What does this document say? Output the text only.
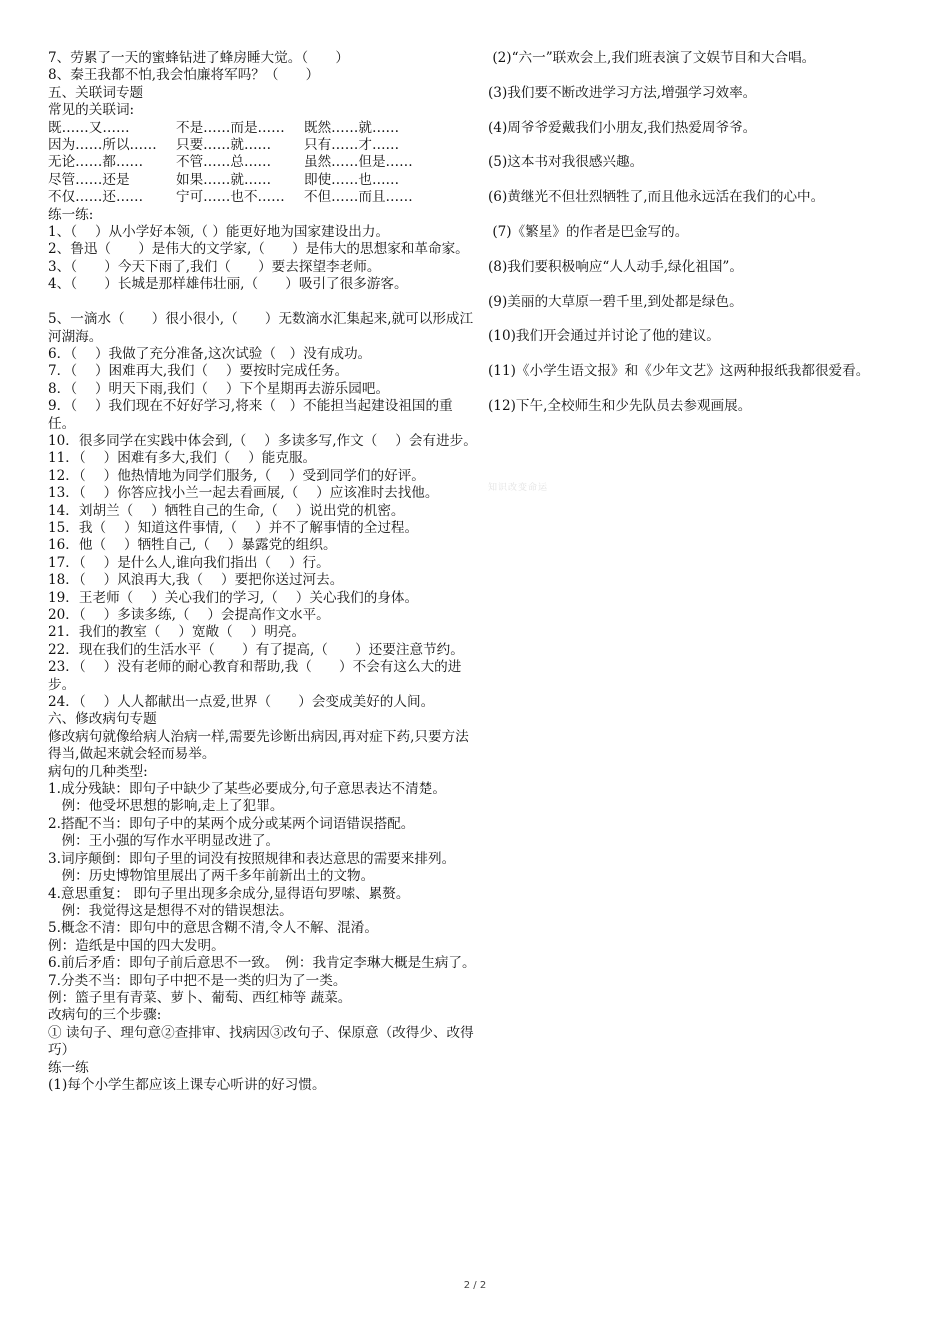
7、劳累了一天的蜜蜂钻进了蜂房睡大觉。（　　）
8、秦王我都不怕,我会怕廉将军吗？（　　）
五、关联词专题
常见的关联词:
既……又……	不是……而是……	既然……就……
因为……所以……	只要……就……	只有……才……
无论……都……	不管……总……	虽然……但是……
尽管……还是	如果……就……	即使……也……
不仅……还……	宁可……也不……	不但……而且……
练一练:
1、（　 ）从小学好本领,（ ）能更好地为国家建设出力。
2、鲁迅（　　）是伟大的文学家,（　　）是伟大的思想家和革命家。
3、（　　）今天下雨了,我们（　　）要去探望李老师。
4、（　　）长城是那样雄伟壮丽,（　　）吸引了很多游客。

5、一滴水（　　）很小很小,（　　）无数滴水汇集起来,就可以形成江河湖海。
6．（　 ）我做了充分准备,这次试验（　）没有成功。
7．（　 ）困难再大,我们（　 ）要按时完成任务。
8．（　 ）明天下雨,我们（　 ）下个星期再去游乐园吧。
9．（　 ）我们现在不好好学习,将来（　）不能担当起建设祖国的重任。
10．很多同学在实践中体会到,（　 ）多读多写,作文（　 ）会有进步。
11．（　 ）困难有多大,我们（　 ）能克服。
12．（　 ）他热情地为同学们服务,（　 ）受到同学们的好评。
13．（　 ）你答应找小兰一起去看画展,（　 ）应该准时去找他。
14．刘胡兰（　 ）牺牲自己的生命,（　 ）说出党的机密。
15．我（　 ）知道这件事情,（　 ）并不了解事情的全过程。
16．他（　 ）牺牲自己,（　 ）暴露党的组织。
17．（　 ）是什么人,谁向我们指出（　 ）行。
18．（　 ）风浪再大,我（　 ）要把你送过河去。
19．王老师（　 ）关心我们的学习,（　 ）关心我们的身体。
20．（　 ）多读多练,（　 ）会提高作文水平。
21．我们的教室（　 ）宽敞（　 ）明亮。
22．现在我们的生活水平（　　）有了提高,（　　）还要注意节约。
23．（　 ）没有老师的耐心教育和帮助,我（　　）不会有这么大的进步。
24．（　 ）人人都献出一点爱,世界（　　）会变成美好的人间。
六、修改病句专题
修改病句就像给病人治病一样,需要先诊断出病因,再对症下药,只要方法得当,做起来就会轻而易举。
病句的几种类型:
1.成分残缺：即句子中缺少了某些必要成分,句子意思表达不清楚。
　例：他受坏思想的影响,走上了犯罪。
2.搭配不当：即句子中的某两个成分或某两个词语错误搭配。
　例：王小强的写作水平明显改进了。
3.词序颠倒：即句子里的词没有按照规律和表达意思的需要来排列。
　例：历史博物馆里展出了两千多年前新出土的文物。
4.意思重复： 即句子里出现多余成分,显得语句罗嗦、累赘。
　例：我觉得这是想得不对的错误想法。
5.概念不清：即句中的意思含糊不清,令人不解、混淆。
例：造纸是中国的四大发明。
6.前后矛盾：即句子前后意思不一致。　例：我肯定李琳大概是生病了。
7.分类不当：即句子中把不是一类的归为了一类。
例：篮子里有青菜、萝卜、葡萄、西红柿等 蔬菜。
改病句的三个步骤:
① 读句子、理句意②查排审、找病因③改句子、保原意（改得少、改得巧）
练一练
(1)每个小学生都应该上课专心听讲的好习惯。
(2)“六一”联欢会上,我们班表演了文娱节目和大合唱。
(3)我们要不断改进学习方法,增强学习效率。
(4)周爷爷爱戴我们小朋友,我们热爱周爷爷。
(5)这本书对我很感兴趣。
(6)黄继光不但壮烈牺牲了,而且他永远活在我们的心中。
(7)《繁星》的作者是巴金写的。
(8)我们要积极响应“人人动手,绿化祖国”。
(9)美丽的大草原一碧千里,到处都是绿色。
(10)我们开会通过并讨论了他的建议。
(11)《小学生语文报》和《少年文艺》这两种报纸我都很爱看。
(12)下午,全校师生和少先队员去参观画展。
知识改变命运
2 / 2
